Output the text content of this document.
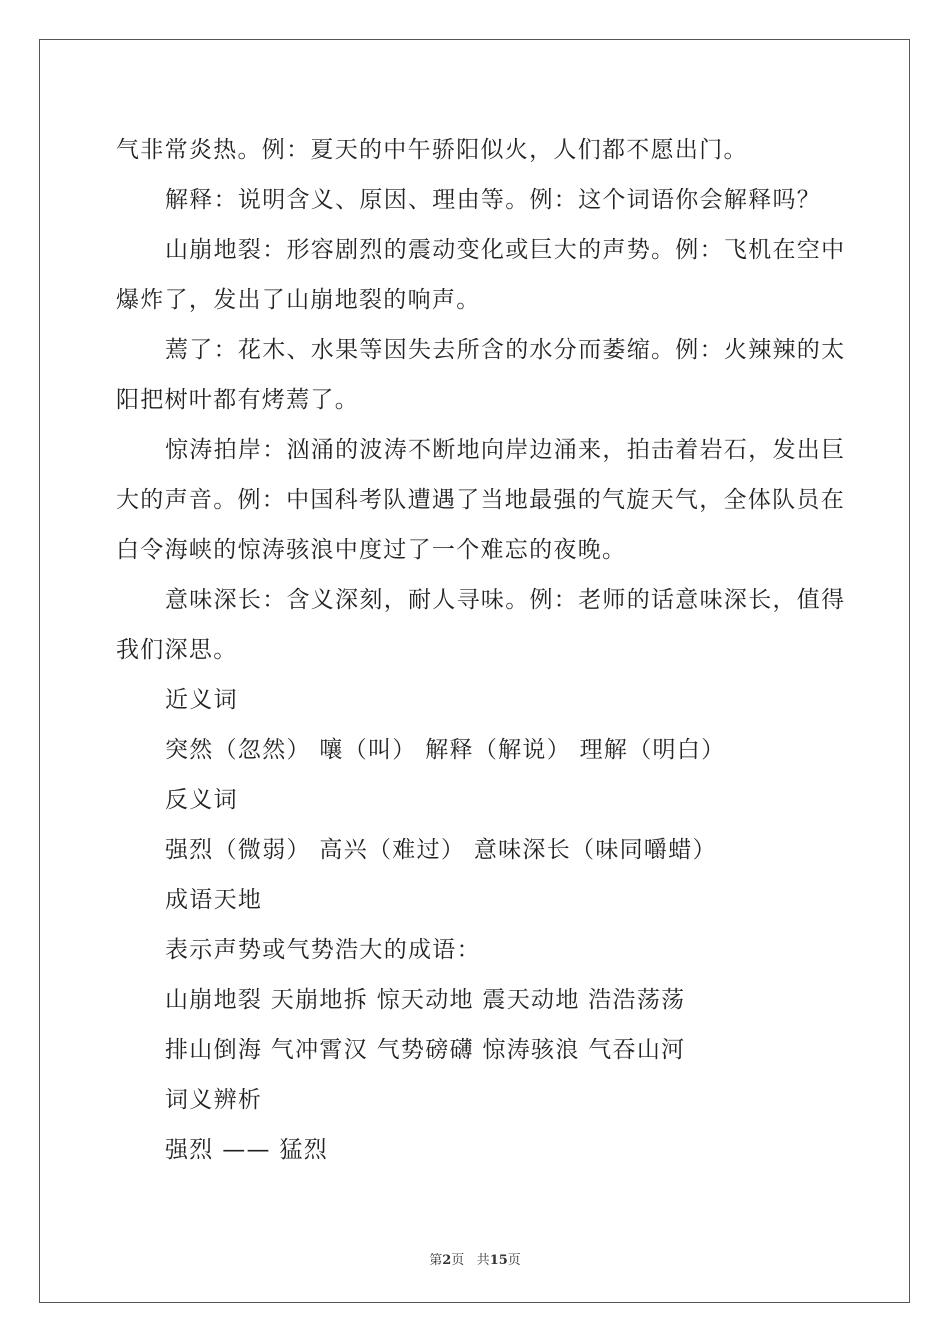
气非常炎热。例：夏天的中午骄阳似火，人们都不愿出门。
解释：说明含义、原因、理由等。例：这个词语你会解释吗？
山崩地裂：形容剧烈的震动变化或巨大的声势。例：飞机在空中
爆炸了，发出了山崩地裂的响声。
蔫了：花木、水果等因失去所含的水分而萎缩。例：火辣辣的太
阳把树叶都有烤蔫了。
惊涛拍岸：汹涌的波涛不断地向岸边涌来，拍击着岩石，发出巨
大的声音。例：中国科考队遭遇了当地最强的气旋天气，全体队员在
白令海峡的惊涛骇浪中度过了一个难忘的夜晚。
意味深长：含义深刻，耐人寻味。例：老师的话意味深长，值得
我们深思。
近义词
突然（忽然） 嚷（叫） 解释（解说） 理解（明白）
反义词
强烈（微弱） 高兴（难过） 意味深长（味同嚼蜡）
成语天地
表示声势或气势浩大的成语：
山崩地裂 天崩地拆 惊天动地 震天动地 浩浩荡荡
排山倒海 气冲霄汉 气势磅礴 惊涛骇浪 气吞山河
词义辨析
强烈 —— 猛烈
第2页 共15页
